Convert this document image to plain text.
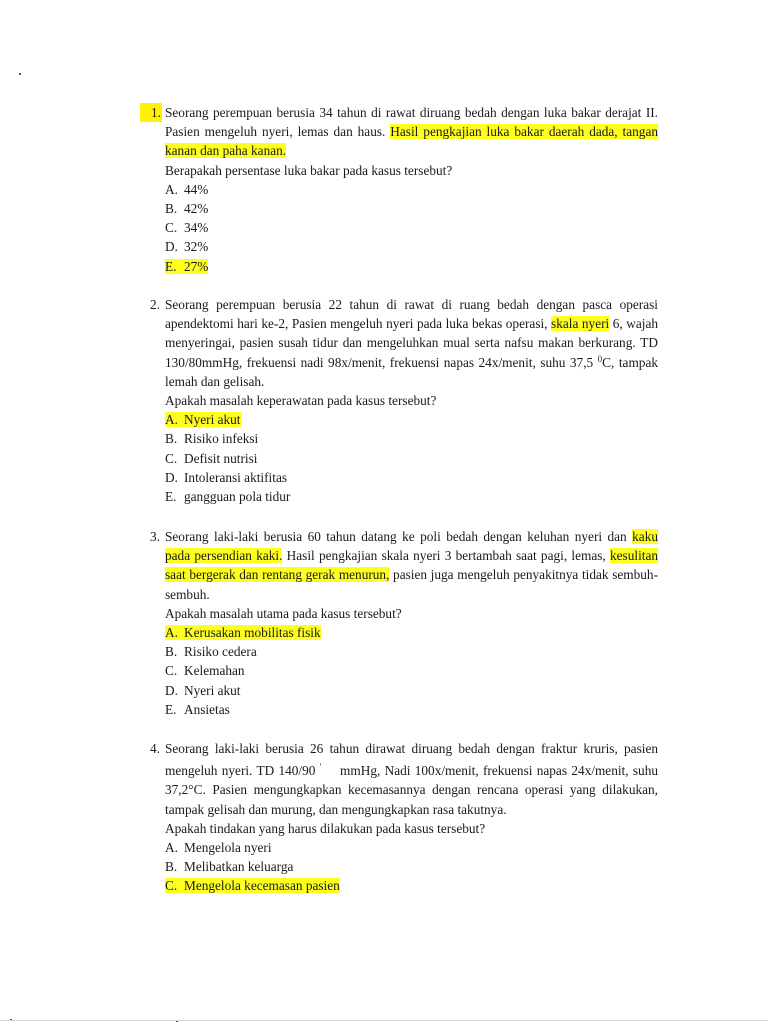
1. Seorang perempuan berusia 34 tahun di rawat diruang bedah dengan luka bakar derajat II. Pasien mengeluh nyeri, lemas dan haus. Hasil pengkajian luka bakar daerah dada, tangan kanan dan paha kanan.
Berapakah persentase luka bakar pada kasus tersebut?
A. 44%
B. 42%
C. 34%
D. 32%
E. 27%
2. Seorang perempuan berusia 22 tahun di rawat di ruang bedah dengan pasca operasi apendektomi hari ke-2, Pasien mengeluh nyeri pada luka bekas operasi, skala nyeri 6, wajah menyeringai, pasien susah tidur dan mengeluhkan mual serta nafsu makan berkurang. TD 130/80mmHg, frekuensi nadi 98x/menit, frekuensi napas 24x/menit, suhu 37,5 $^0$C, tampak lemah dan gelisah.
Apakah masalah keperawatan pada kasus tersebut?
A. Nyeri akut
B. Risiko infeksi
C. Defisit nutrisi
D. Intoleransi aktifitas
E. gangguan pola tidur
3. Seorang laki-laki berusia 60 tahun datang ke poli bedah dengan keluhan nyeri dan kaku pada persendian kaki. Hasil pengkajian skala nyeri 3 bertambah saat pagi, lemas, kesulitan saat bergerak dan rentang gerak menurun, pasien juga mengeluh penyakitnya tidak sembuh-sembuh.
Apakah masalah utama pada kasus tersebut?
A. Kerusakan mobilitas fisik
B. Risiko cedera
C. Kelemahan
D. Nyeri akut
E. Ansietas
4. Seorang laki-laki berusia 26 tahun dirawat diruang bedah dengan fraktur kruris, pasien mengeluh nyeri. TD 140/90 ' mmHg, Nadi 100x/menit, frekuensi napas 24x/menit, suhu 37,2°C. Pasien mengungkapkan kecemasannya dengan rencana operasi yang dilakukan, tampak gelisah dan murung, dan mengungkapkan rasa takutnya.
Apakah tindakan yang harus dilakukan pada kasus tersebut?
A. Mengelola nyeri
B. Melibatkan keluarga
C. Mengelola kecemasan pasien
